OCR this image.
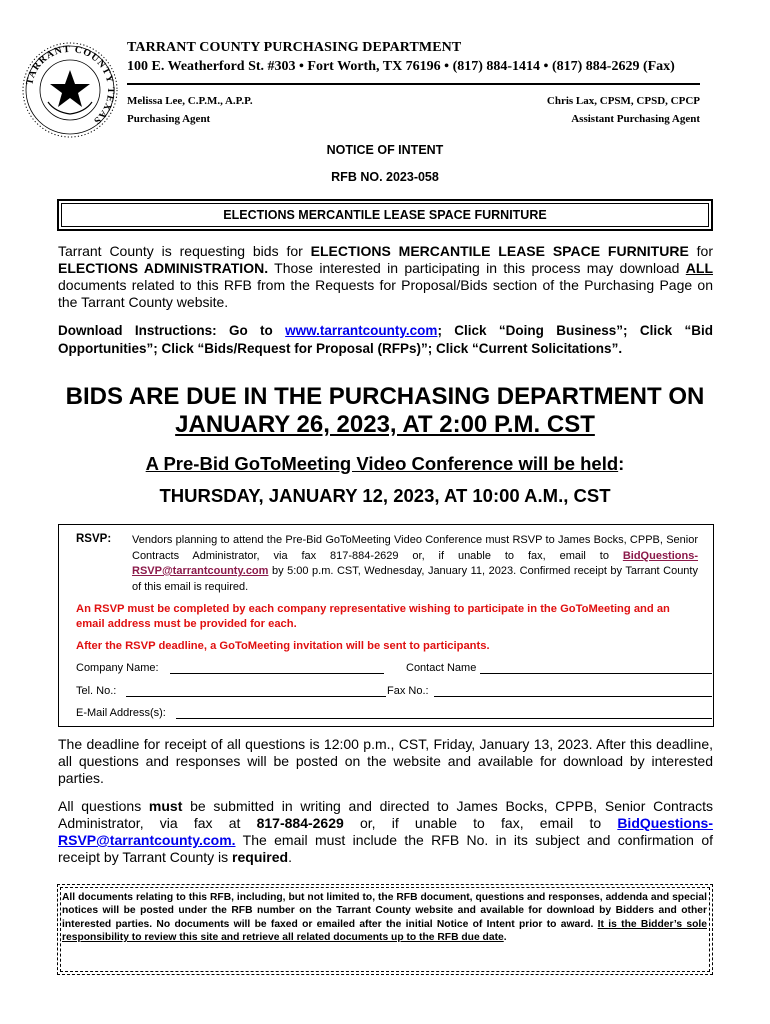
TARRANT COUNTY TEXAS
TARRANT COUNTY PURCHASING DEPARTMENT
100 E. Weatherford St. #303 • Fort Worth, TX 76196 • (817) 884-1414 • (817) 884-2629 (Fax)
Melissa Lee, C.P.M., A.P.P.
Purchasing Agent
Chris Lax, CPSM, CPSD, CPCP
Assistant Purchasing Agent
NOTICE OF INTENT
RFB NO. 2023-058
ELECTIONS MERCANTILE LEASE SPACE FURNITURE
Tarrant County is requesting bids for ELECTIONS MERCANTILE LEASE SPACE FURNITURE for ELECTIONS ADMINISTRATION. Those interested in participating in this process may download ALL documents related to this RFB from the Requests for Proposal/Bids section of the Purchasing Page on the Tarrant County website.
Download Instructions: Go to www.tarrantcounty.com; Click “Doing Business”; Click “Bid Opportunities”; Click “Bids/Request for Proposal (RFPs)”; Click “Current Solicitations”.
BIDS ARE DUE IN THE PURCHASING DEPARTMENT ON
JANUARY 26, 2023, AT 2:00 P.M. CST
A Pre-Bid GoToMeeting Video Conference will be held:
THURSDAY, JANUARY 12, 2023, AT 10:00 A.M., CST
RSVP: Vendors planning to attend the Pre-Bid GoToMeeting Video Conference must RSVP to James Bocks, CPPB, Senior Contracts Administrator, via fax 817-884-2629 or, if unable to fax, email to BidQuestions-RSVP@tarrantcounty.com by 5:00 p.m. CST, Wednesday, January 11, 2023. Confirmed receipt by Tarrant County of this email is required.
An RSVP must be completed by each company representative wishing to participate in the GoToMeeting and an email address must be provided for each.
After the RSVP deadline, a GoToMeeting invitation will be sent to participants.
Company Name:	Contact Name
Tel. No.:	Fax No.:
E-Mail Address(s):
The deadline for receipt of all questions is 12:00 p.m., CST, Friday, January 13, 2023. After this deadline, all questions and responses will be posted on the website and available for download by interested parties.
All questions must be submitted in writing and directed to James Bocks, CPPB, Senior Contracts Administrator, via fax at 817-884-2629 or, if unable to fax, email to BidQuestions-RSVP@tarrantcounty.com. The email must include the RFB No. in its subject and confirmation of receipt by Tarrant County is required.
All documents relating to this RFB, including, but not limited to, the RFB document, questions and responses, addenda and special notices will be posted under the RFB number on the Tarrant County website and available for download by Bidders and other interested parties. No documents will be faxed or emailed after the initial Notice of Intent prior to award. It is the Bidder’s sole responsibility to review this site and retrieve all related documents up to the RFB due date.
